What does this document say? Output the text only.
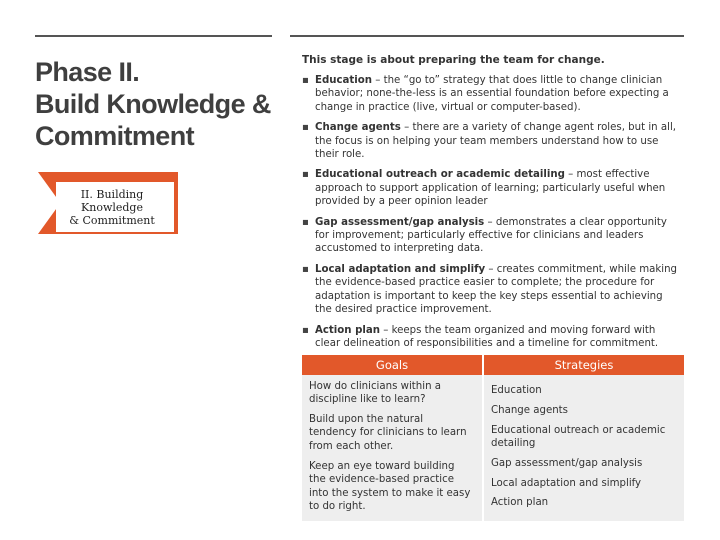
Phase II.
Build Knowledge &
Commitment
II. Building
Knowledge
& Commitment
This stage is about preparing the team for change.
▪ Education – the “go to” strategy that does little to change clinician
behavior; none-the-less is an essential foundation before expecting a
change in practice (live, virtual or computer-based).
▪ Change agents – there are a variety of change agent roles, but in all,
the focus is on helping your team members understand how to use
their role.
▪ Educational outreach or academic detailing – most effective
approach to support application of learning; particularly useful when
provided by a peer opinion leader
▪ Gap assessment/gap analysis – demonstrates a clear opportunity
for improvement; particularly effective for clinicians and leaders
accustomed to interpreting data.
▪ Local adaptation and simplify – creates commitment, while making
the evidence-based practice easier to complete; the procedure for
adaptation is important to keep the key steps essential to achieving
the desired practice improvement.
▪ Action plan – keeps the team organized and moving forward with
clear delineation of responsibilities and a timeline for commitment.
Goals	Strategies
How do clinicians within a
discipline like to learn?
Build upon the natural
tendency for clinicians to learn
from each other.
Keep an eye toward building
the evidence-based practice
into the system to make it easy
to do right.
Education
Change agents
Educational outreach or academic
detailing
Gap assessment/gap analysis
Local adaptation and simplify
Action plan
